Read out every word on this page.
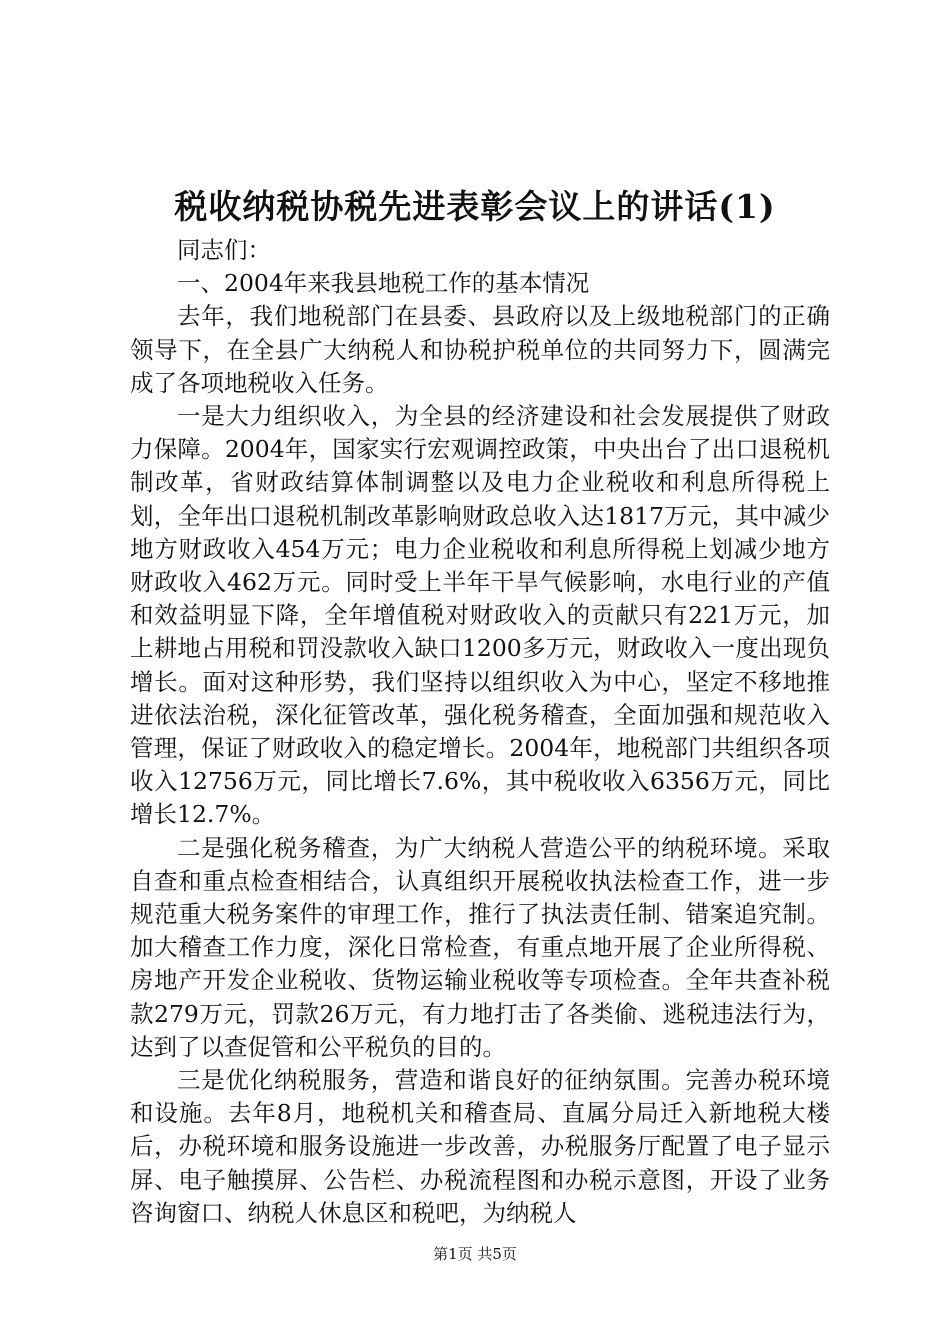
税收纳税协税先进表彰会议上的讲话(1)

同志们：

一、2004年来我县地税工作的基本情况

去年，我们地税部门在县委、县政府以及上级地税部门的正确领导下，在全县广大纳税人和协税护税单位的共同努力下，圆满完成了各项地税收入任务。

一是大力组织收入，为全县的经济建设和社会发展提供了财政力保障。2004年，国家实行宏观调控政策，中央出台了出口退税机制改革，省财政结算体制调整以及电力企业税收和利息所得税上划，全年出口退税机制改革影响财政总收入达1817万元，其中减少地方财政收入454万元；电力企业税收和利息所得税上划减少地方财政收入462万元。同时受上半年干旱气候影响，水电行业的产值和效益明显下降，全年增值税对财政收入的贡献只有221万元，加上耕地占用税和罚没款收入缺口1200多万元，财政收入一度出现负增长。面对这种形势，我们坚持以组织收入为中心，坚定不移地推进依法治税，深化征管改革，强化税务稽查，全面加强和规范收入管理，保证了财政收入的稳定增长。2004年，地税部门共组织各项收入12756万元，同比增长7.6%，其中税收收入6356万元，同比增长12.7%。

二是强化税务稽查，为广大纳税人营造公平的纳税环境。采取自查和重点检查相结合，认真组织开展税收执法检查工作，进一步规范重大税务案件的审理工作，推行了执法责任制、错案追究制。加大稽查工作力度，深化日常检查，有重点地开展了企业所得税、房地产开发企业税收、货物运输业税收等专项检查。全年共查补税款279万元，罚款26万元，有力地打击了各类偷、逃税违法行为，达到了以查促管和公平税负的目的。

三是优化纳税服务，营造和谐良好的征纳氛围。完善办税环境和设施。去年8月，地税机关和稽查局、直属分局迁入新地税大楼后，办税环境和服务设施进一步改善，办税服务厅配置了电子显示屏、电子触摸屏、公告栏、办税流程图和办税示意图，开设了业务咨询窗口、纳税人休息区和税吧，为纳税人

第1页 共5页
